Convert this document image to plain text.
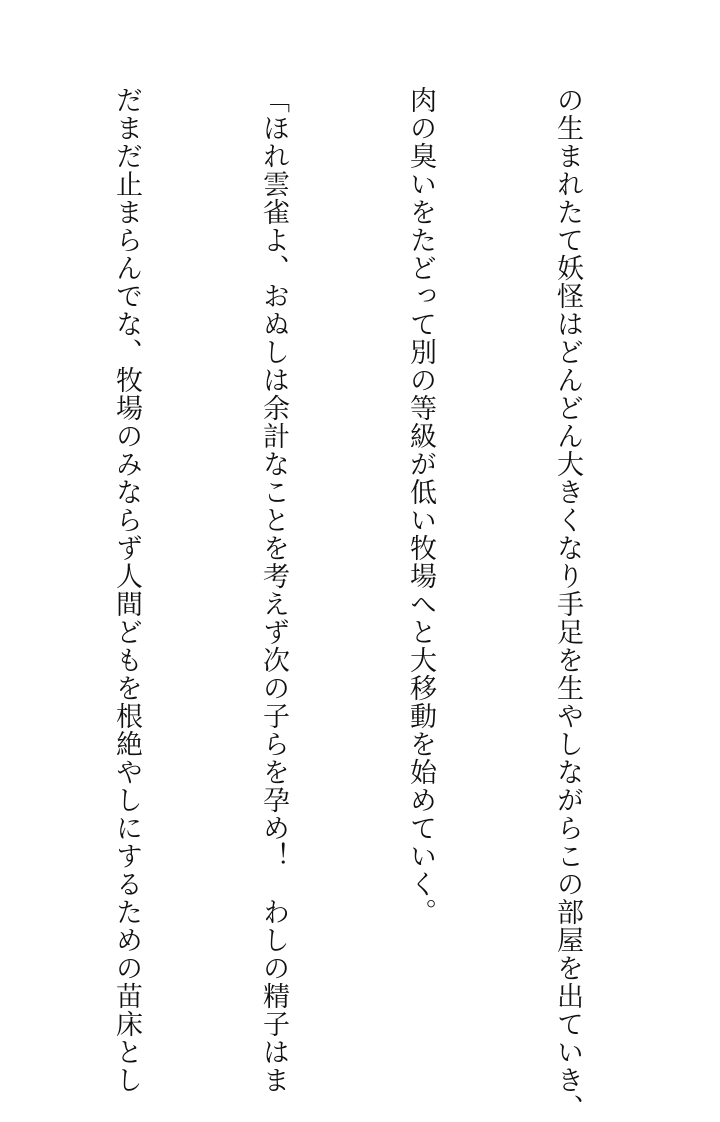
の生まれたて妖怪はどんどん大きくなり手足を生やしながらこの部屋を出ていき、

肉の臭いをたどって別の等級が低い牧場へと大移動を始めていく。

「ほれ雲雀よ、おぬしは余計なことを考えず次の子らを孕め！　わしの精子はま

だまだ止まらんでな、牧場のみならず人間どもを根絶やしにするための苗床とし
